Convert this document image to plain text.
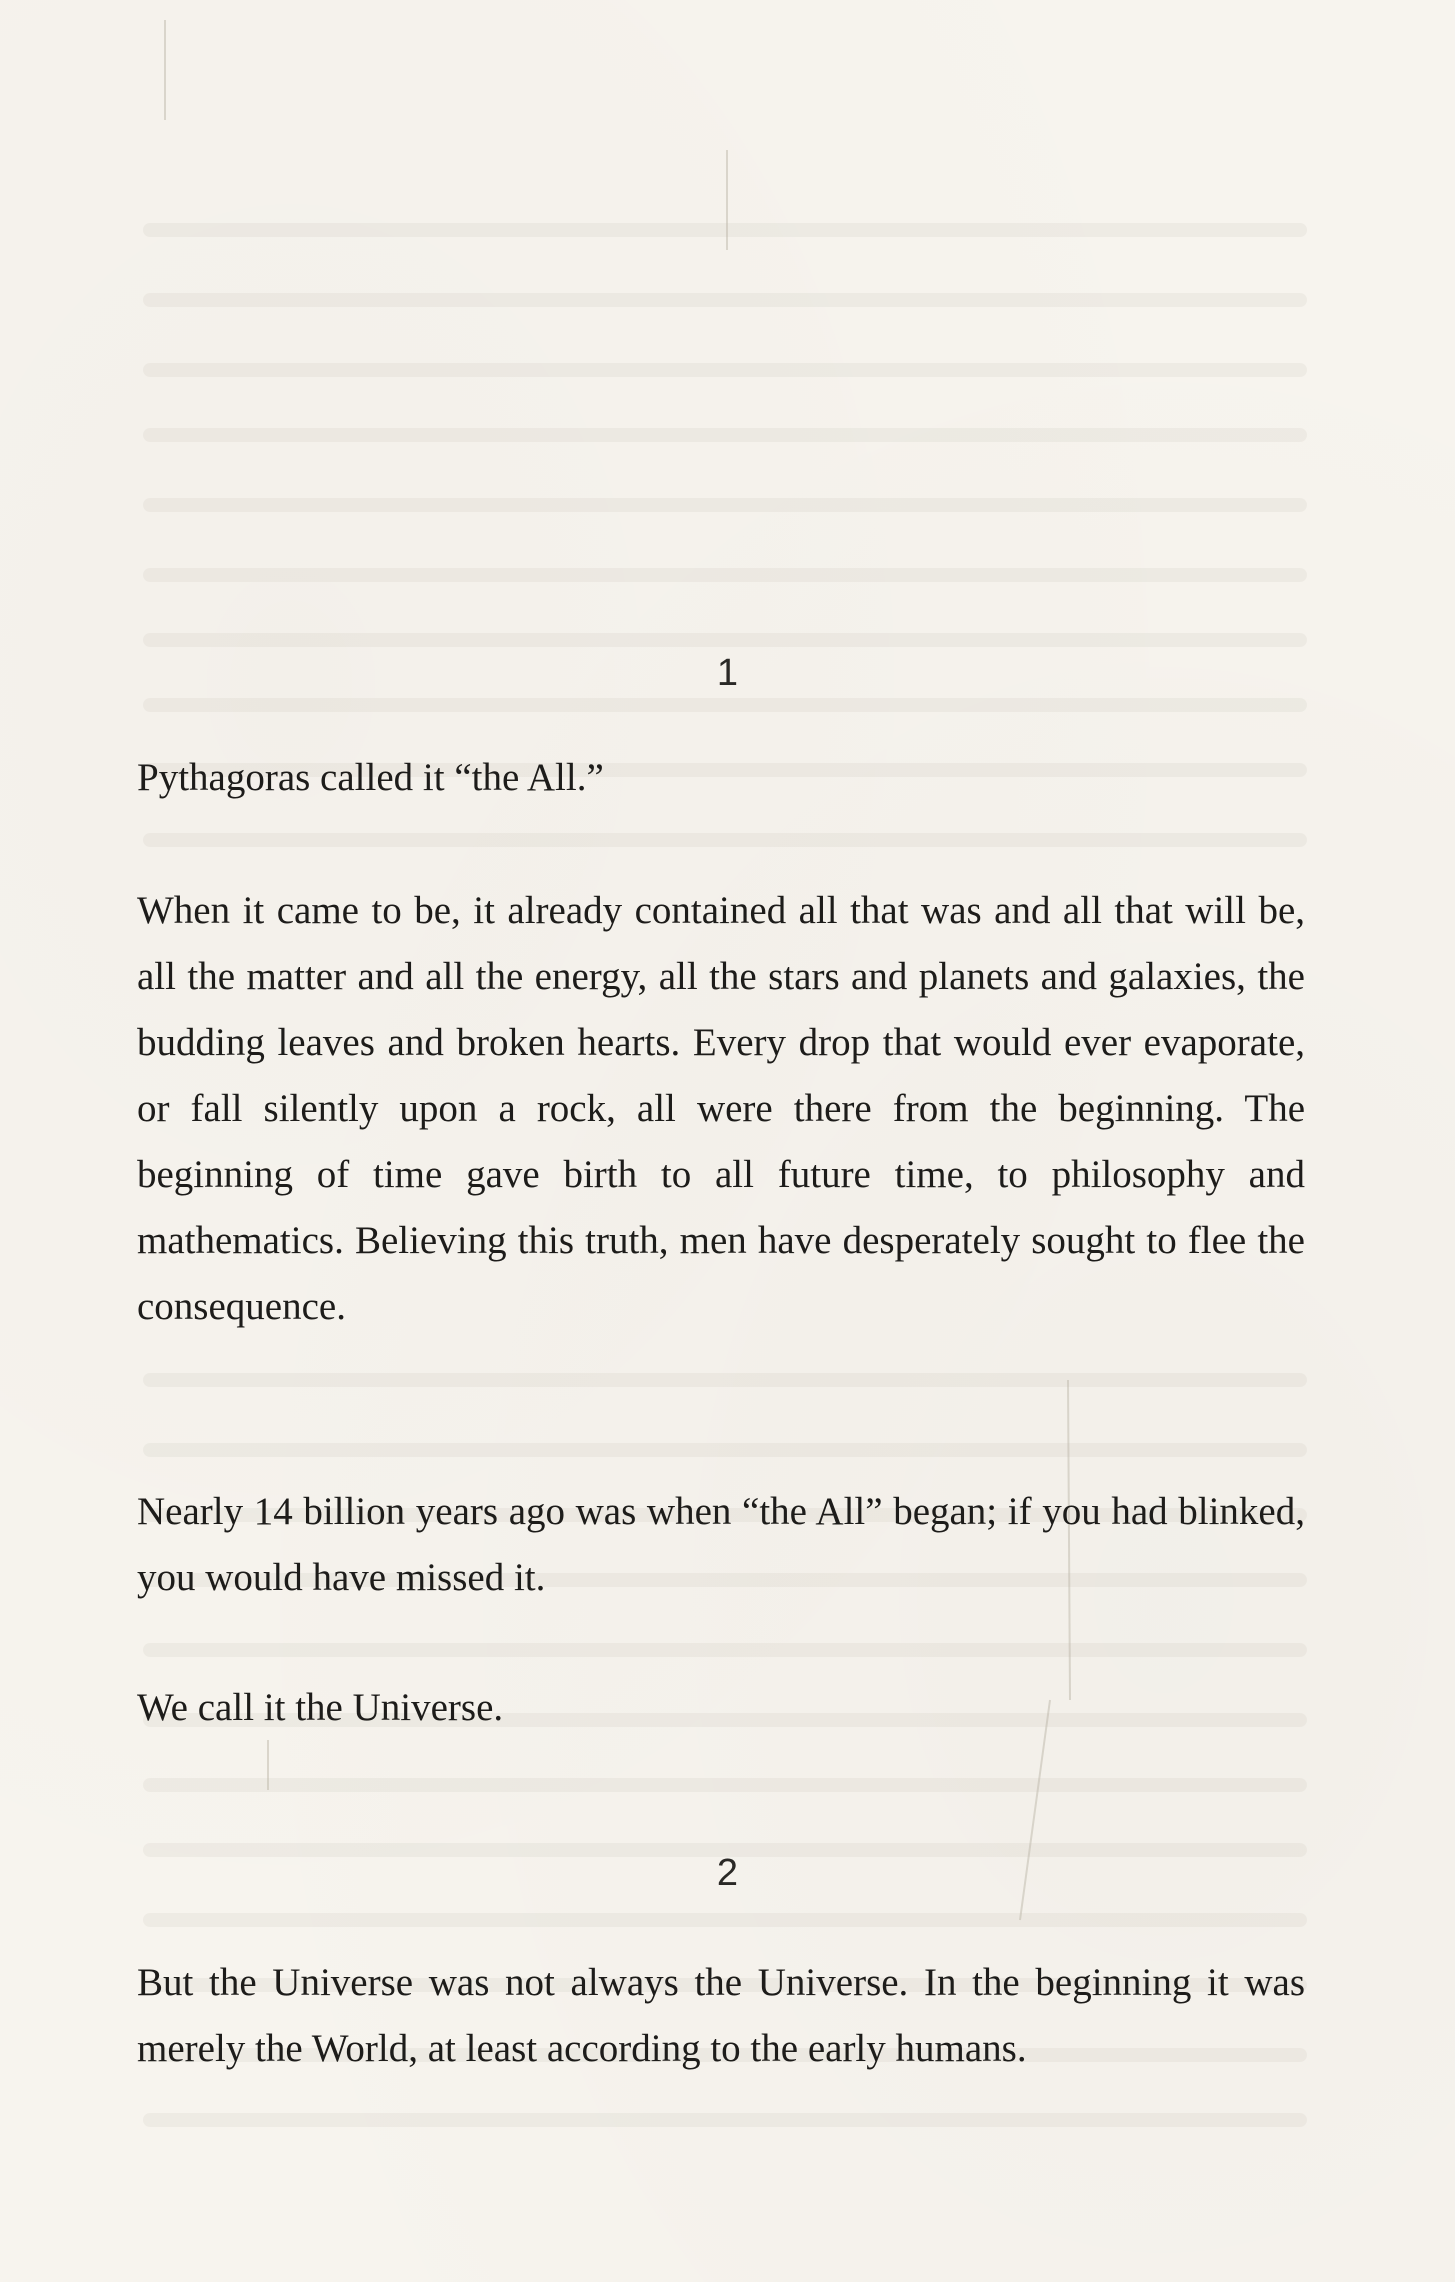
1

Pythagoras called it “the All.”

When it came to be, it already contained all that was and all that will be, all the matter and all the energy, all the stars and planets and galaxies, the budding leaves and broken hearts. Every drop that would ever evaporate, or fall silently upon a rock, all were there from the beginning. The beginning of time gave birth to all future time, to philosophy and mathematics. Believing this truth, men have desperately sought to flee the consequence.

Nearly 14 billion years ago was when “the All” began; if you had blinked, you would have missed it.

We call it the Universe.

2

But the Universe was not always the Universe. In the beginning it was merely the World, at least according to the early humans.
